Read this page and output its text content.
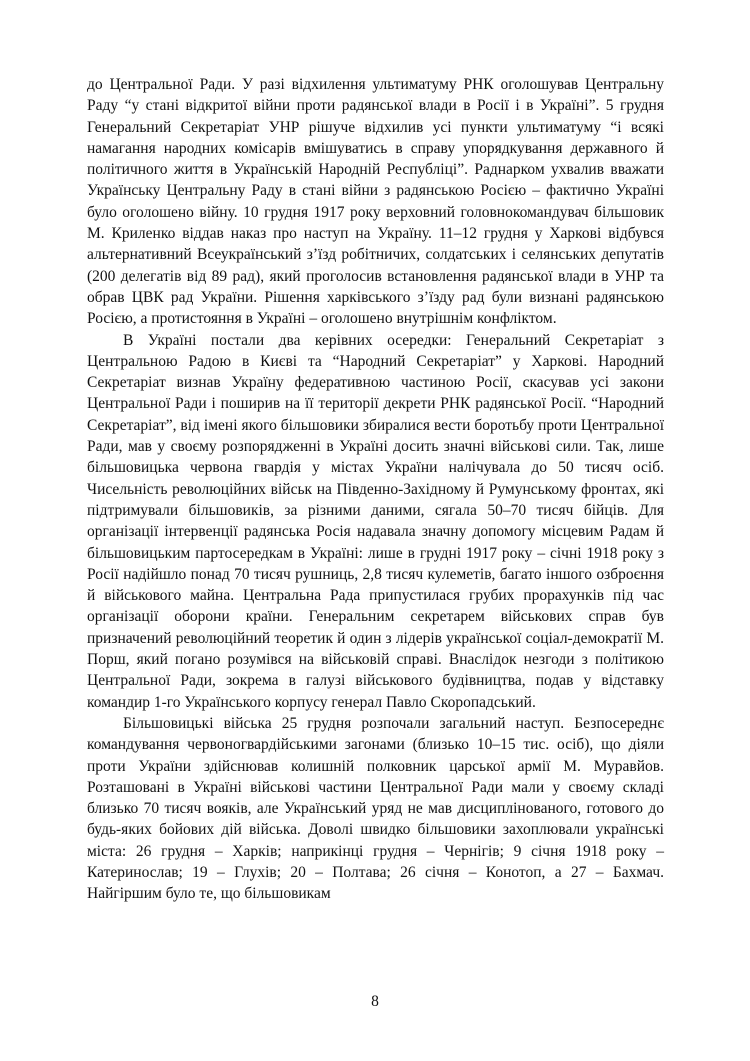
до Центральної Ради. У разі відхилення ультиматуму РНК оголошував Центральну Раду “у стані відкритої війни проти радянської влади в Росії і в Україні”. 5 грудня Генеральний Секретаріат УНР рішуче відхилив усі пункти ультиматуму “і всякі намагання народних комісарів вмішуватись в справу упорядкування державного й політичного життя в Українській Народній Республіці”. Раднарком ухвалив вважати Українську Центральну Раду в стані війни з радянською Росією – фактично Україні було оголошено війну. 10 грудня 1917 року верховний головнокомандувач більшовик М. Криленко віддав наказ про наступ на Україну. 11–12 грудня у Харкові відбувся альтернативний Всеукраїнський з’їзд робітничих, солдатських і селянських депутатів (200 делегатів від 89 рад), який проголосив встановлення радянської влади в УНР та обрав ЦВК рад України. Рішення харківського з’їзду рад були визнані радянською Росією, а протистояння в Україні – оголошено внутрішнім конфліктом.

В Україні постали два керівних осередки: Генеральний Секретаріат з Центральною Радою в Києві та “Народний Секретаріат” у Харкові. Народний Секретаріат визнав Україну федеративною частиною Росії, скасував усі закони Центральної Ради і поширив на її території декрети РНК радянської Росії. “Народний Секретаріат”, від імені якого більшовики збиралися вести боротьбу проти Центральної Ради, мав у своєму розпорядженні в Україні досить значні військові сили. Так, лише більшовицька червона гвардія у містах України налічувала до 50 тисяч осіб. Чисельність революційних військ на Південно-Західному й Румунському фронтах, які підтримували більшовиків, за різними даними, сягала 50–70 тисяч бійців. Для організації інтервенції радянська Росія надавала значну допомогу місцевим Радам й більшовицьким партосередкам в Україні: лише в грудні 1917 року – січні 1918 року з Росії надійшло понад 70 тисяч рушниць, 2,8 тисяч кулеметів, багато іншого озброєння й військового майна. Центральна Рада припустилася грубих прорахунків під час організації оборони країни. Генеральним секретарем військових справ був призначений революційний теоретик й один з лідерів української соціал-демократії М. Порш, який погано розумівся на військовій справі. Внаслідок незгоди з політикою Центральної Ради, зокрема в галузі військового будівництва, подав у відставку командир 1-го Українського корпусу генерал Павло Скоропадський.

Більшовицькі війська 25 грудня розпочали загальний наступ. Безпосереднє командування червоногвардійськими загонами (близько 10–15 тис. осіб), що діяли проти України здійснював колишній полковник царської армії М. Муравйов. Розташовані в Україні військові частини Центральної Ради мали у своєму складі близько 70 тисяч вояків, але Український уряд не мав дисциплінованого, готового до будь-яких бойових дій війська. Доволі швидко більшовики захоплювали українські міста: 26 грудня – Харків; наприкінці грудня – Чернігів; 9 січня 1918 року – Катеринослав; 19 – Глухів; 20 – Полтава; 26 січня – Конотоп, а 27 – Бахмач. Найгіршим було те, що більшовикам

8
